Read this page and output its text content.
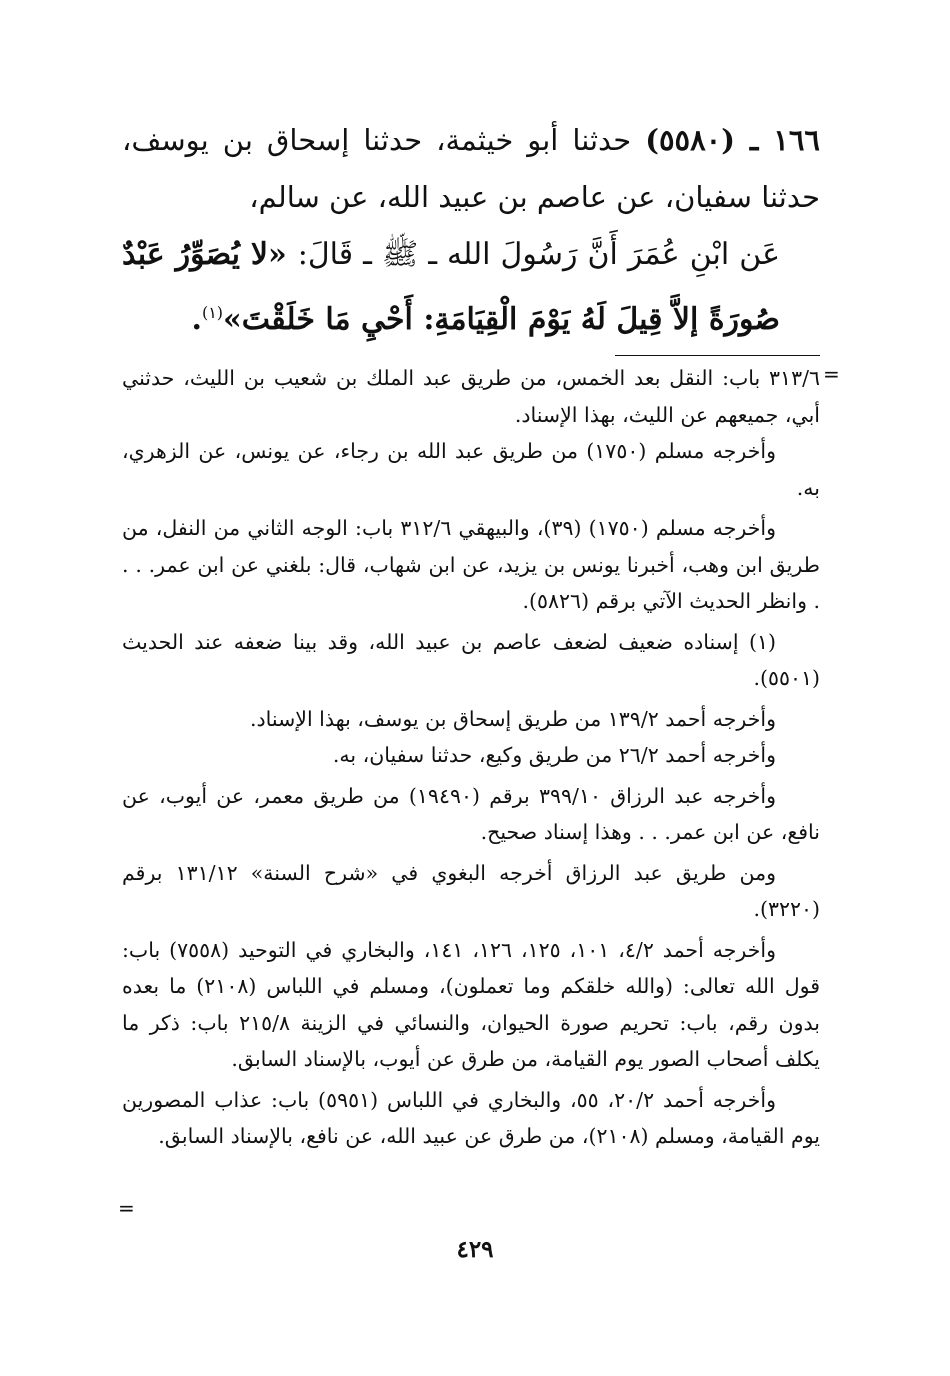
١٦٦ ـ (٥٥٨٠) حدثنا أبو خيثمة، حدثنا إسحاق بن يوسف، حدثنا سفيان، عن عاصم بن عبيد الله، عن سالم،

عَن ابْنِ عُمَرَ أَنَّ رَسُولَ الله ـ ﷺ ـ قَالَ: «لا يُصَوِّرُ عَبْدٌ صُورَةً إلاَّ قِيلَ لَهُ يَوْمَ الْقِيَامَةِ: أَحْيِ مَا خَلَقْتَ»$^{(١)}$.

٣١٣/٦ باب: النقل بعد الخمس، من طريق عبد الملك بن شعيب بن الليث، حدثني أبي، جميعهم عن الليث، بهذا الإسناد.

وأخرجه مسلم (١٧٥٠) من طريق عبد الله بن رجاء، عن يونس، عن الزهري، به.

وأخرجه مسلم (١٧٥٠) (٣٩)، والبيهقي ٣١٢/٦ باب: الوجه الثاني من النفل، من طريق ابن وهب، أخبرنا يونس بن يزيد، عن ابن شهاب، قال: بلغني عن ابن عمر. . . . وانظر الحديث الآتي برقم (٥٨٢٦).

(١) إسناده ضعيف لضعف عاصم بن عبيد الله، وقد بينا ضعفه عند الحديث (٥٥٠١).

وأخرجه أحمد ١٣٩/٢ من طريق إسحاق بن يوسف، بهذا الإسناد.

وأخرجه أحمد ٢٦/٢ من طريق وكيع، حدثنا سفيان، به.

وأخرجه عبد الرزاق ٣٩٩/١٠ برقم (١٩٤٩٠) من طريق معمر، عن أيوب، عن نافع، عن ابن عمر. . . وهذا إسناد صحيح.

ومن طريق عبد الرزاق أخرجه البغوي في «شرح السنة» ١٣١/١٢ برقم (٣٢٢٠).

وأخرجه أحمد ٤/٢، ١٠١، ١٢٥، ١٢٦، ١٤١، والبخاري في التوحيد (٧٥٥٨) باب: قول الله تعالى: (والله خلقكم وما تعملون)، ومسلم في اللباس (٢١٠٨) ما بعده بدون رقم، باب: تحريم صورة الحيوان، والنسائي في الزينة ٢١٥/٨ باب: ذكر ما يكلف أصحاب الصور يوم القيامة، من طرق عن أيوب، بالإسناد السابق.

وأخرجه أحمد ٢٠/٢، ٥٥، والبخاري في اللباس (٥٩٥١) باب: عذاب المصورين يوم القيامة، ومسلم (٢١٠٨)، من طرق عن عبيد الله، عن نافع، بالإسناد السابق.

=
=
٤٢٩
